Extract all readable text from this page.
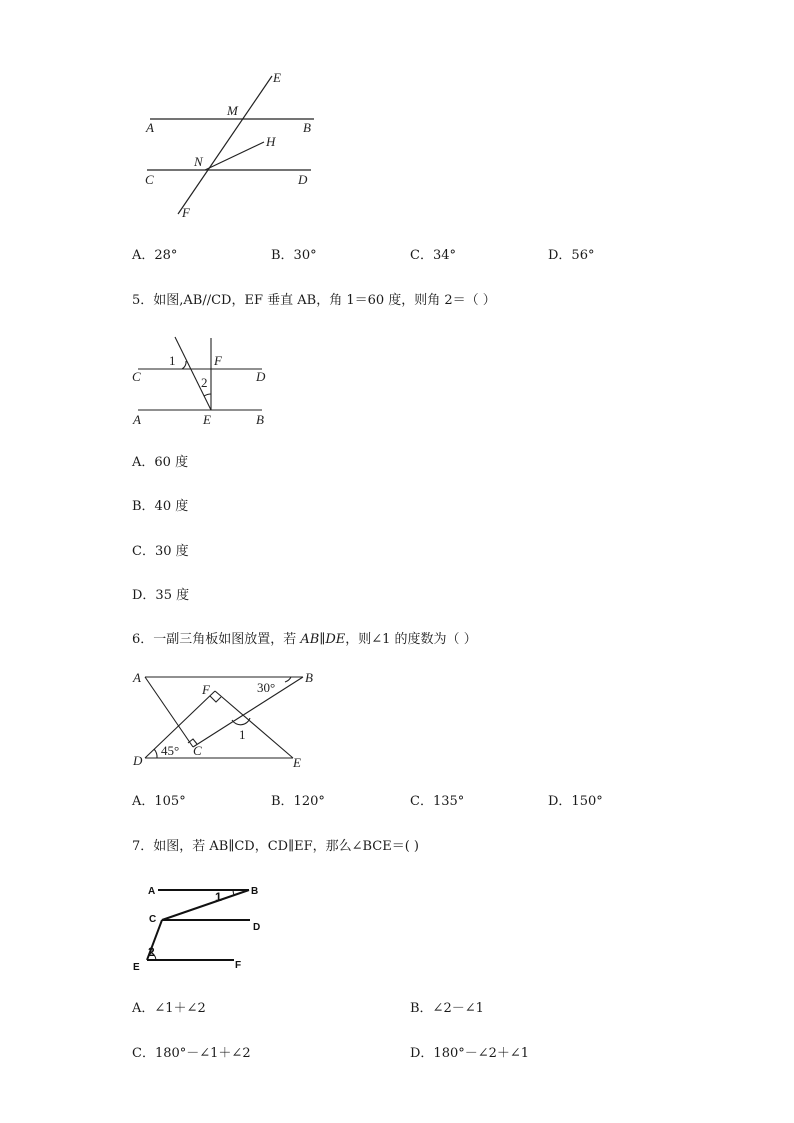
E
M
A	B
H
N
C	D
F
A．28°	B．30°	C．34°	D．56°
5．如图,AB//CD，EF 垂直 AB，角 1＝60 度，则角 2＝（ ）
1	F
C	2	D
A	E	B
A．60 度
B．40 度
C．30 度
D．35 度
6．一副三角板如图放置，若 AB∥DE，则∠1 的度数为（ ）
A
F	30°
B
1
D
45° C
E
A．105°	B．120°	C．135°	D．150°
7．如图，若 AB∥CD，CD∥EF，那么∠BCE＝( )
A	B
C
D
E	F
1
2
A．∠1＋∠2	B．∠2－∠1
C．180°－∠1＋∠2	D．180°－∠2＋∠1
